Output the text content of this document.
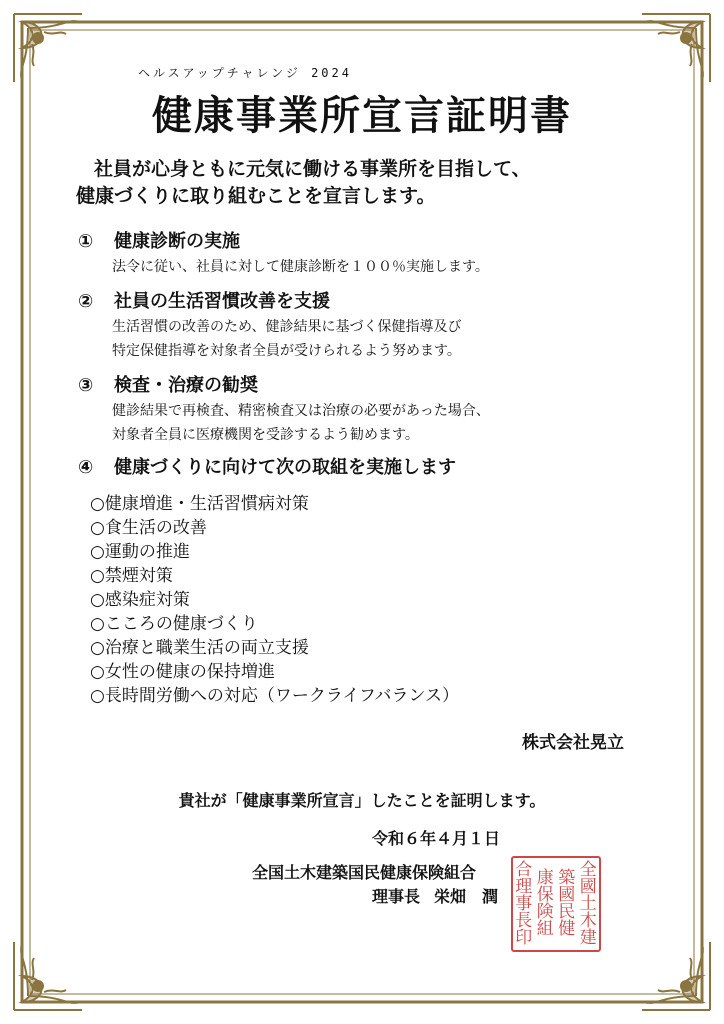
ヘルスアップチャレンジ 2024
健康事業所宣言証明書
社員が心身ともに元気に働ける事業所を目指して、
健康づくりに取り組むことを宣言します。
① 健康診断の実施
法令に従い、社員に対して健康診断を１００％実施します。
② 社員の生活習慣改善を支援
生活習慣の改善のため、健診結果に基づく保健指導及び
特定保健指導を対象者全員が受けられるよう努めます。
③ 検査・治療の勧奨
健診結果で再検査、精密検査又は治療の必要があった場合、
対象者全員に医療機関を受診するよう勧めます。
④ 健康づくりに向けて次の取組を実施します
○健康増進・生活習慣病対策
○食生活の改善
○運動の推進
○禁煙対策
○感染症対策
○こころの健康づくり
○治療と職業生活の両立支援
○女性の健康の保持増進
○長時間労働への対応（ワークライフバランス）
株式会社晃立
貴社が「健康事業所宣言」したことを証明します。
令和６年４月１日
全国土木建築国民健康保険組合
理事長 栄畑　潤
全
國
土
木
建
築
國
民
健
康
保
険
組
合
理
事
長
印
